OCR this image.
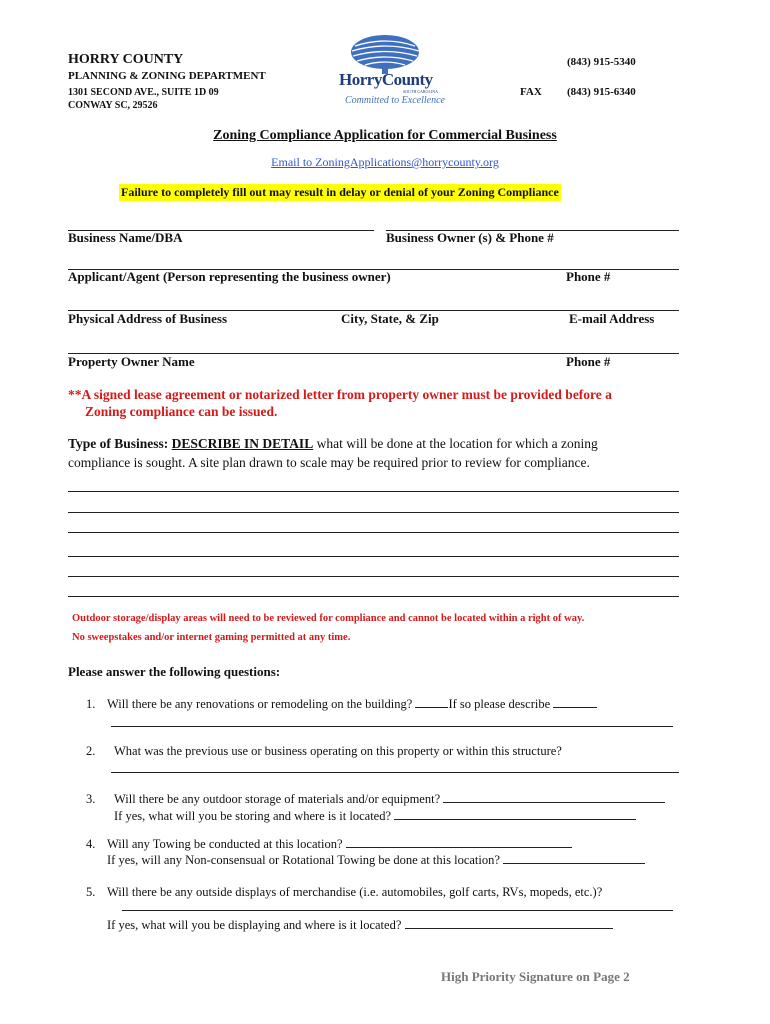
HORRY COUNTY
PLANNING & ZONING DEPARTMENT
1301 SECOND AVE., SUITE 1D 09
CONWAY SC, 29526
HorryCounty
SOUTH CAROLINA
Committed to Excellence
(843) 915-5340
FAX (843) 915-6340
Zoning Compliance Application for Commercial Business
Email to ZoningApplications@horrycounty.org
Failure to completely fill out may result in delay or denial of your Zoning Compliance
Business Name/DBA	Business Owner (s) & Phone #
Applicant/Agent (Person representing the business owner)	Phone #
Physical Address of Business	City, State, & Zip	E-mail Address
Property Owner Name	Phone #
**A signed lease agreement or notarized letter from property owner must be provided before a
Zoning compliance can be issued.
Type of Business: DESCRIBE IN DETAIL what will be done at the location for which a zoning
compliance is sought. A site plan drawn to scale may be required prior to review for compliance.
Outdoor storage/display areas will need to be reviewed for compliance and cannot be located within a right of way.
No sweepstakes and/or internet gaming permitted at any time.
Please answer the following questions:
1. Will there be any renovations or remodeling on the building?	If so please describe
2. What was the previous use or business operating on this property or within this structure?
3. Will there be any outdoor storage of materials and/or equipment?
If yes, what will you be storing and where is it located?
4. Will any Towing be conducted at this location?
If yes, will any Non-consensual or Rotational Towing be done at this location?
5. Will there be any outside displays of merchandise (i.e. automobiles, golf carts, RVs, mopeds, etc.)?
If yes, what will you be displaying and where is it located?
High Priority Signature on Page 2
